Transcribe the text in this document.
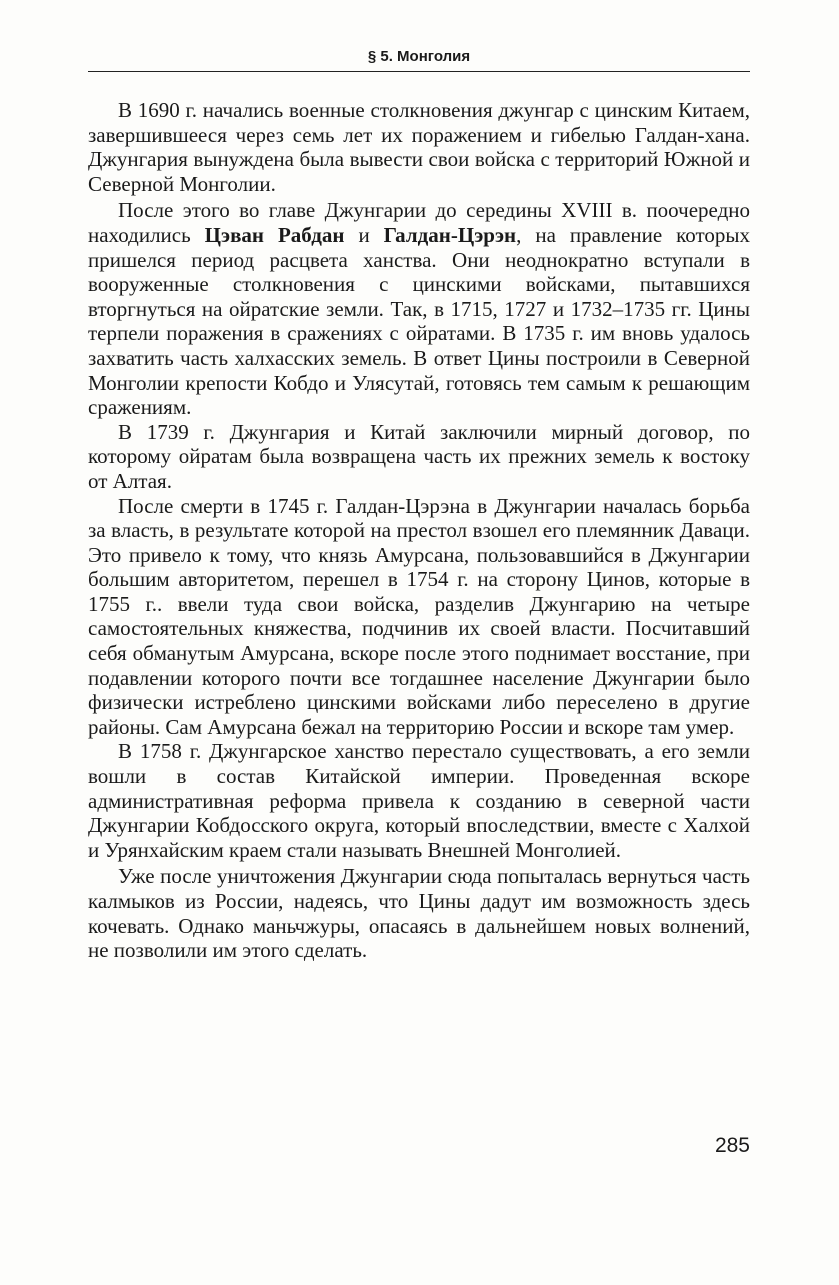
§ 5. Монголия

В 1690 г. начались военные столкновения джунгар с цинским Китаем, завершившееся через семь лет их поражением и гибелью Галдан-хана. Джунгария вынуждена была вывести свои войска с территорий Южной и Северной Монголии.

После этого во главе Джунгарии до середины XVIII в. поочередно находились Цэван Рабдан и Галдан-Цэрэн, на правление которых пришелся период расцвета ханства. Они неоднократно вступали в вооруженные столкновения с цинскими войсками, пытавшихся вторгнуться на ойратские земли. Так, в 1715, 1727 и 1732–1735 гг. Цины терпели поражения в сражениях с ойратами. В 1735 г. им вновь удалось захватить часть халхасских земель. В ответ Цины построили в Северной Монголии крепости Кобдо и Улясутай, готовясь тем самым к решающим сражениям.

В 1739 г. Джунгария и Китай заключили мирный договор, по которому ойратам была возвращена часть их прежних земель к востоку от Алтая.

После смерти в 1745 г. Галдан-Цэрэна в Джунгарии началась борьба за власть, в результате которой на престол взошел его племянник Даваци. Это привело к тому, что князь Амурсана, пользовавшийся в Джунгарии большим авторитетом, перешел в 1754 г. на сторону Цинов, которые в 1755 г.. ввели туда свои войска, разделив Джунгарию на четыре самостоятельных княжества, подчинив их своей власти. Посчитавший себя обманутым Амурсана, вскоре после этого поднимает восстание, при подавлении которого почти все тогдашнее население Джунгарии было физически истреблено цинскими войсками либо переселено в другие районы. Сам Амурсана бежал на территорию России и вскоре там умер.

В 1758 г. Джунгарское ханство перестало существовать, а его земли вошли в состав Китайской империи. Проведенная вскоре административная реформа привела к созданию в северной части Джунгарии Кобдосского округа, который впоследствии, вместе с Халхой и Урянхайским краем стали называть Внешней Монголией.

Уже после уничтожения Джунгарии сюда попыталась вернуться часть калмыков из России, надеясь, что Цины дадут им возможность здесь кочевать. Однако маньчжуры, опасаясь в дальнейшем новых волнений, не позволили им этого сделать.

285
